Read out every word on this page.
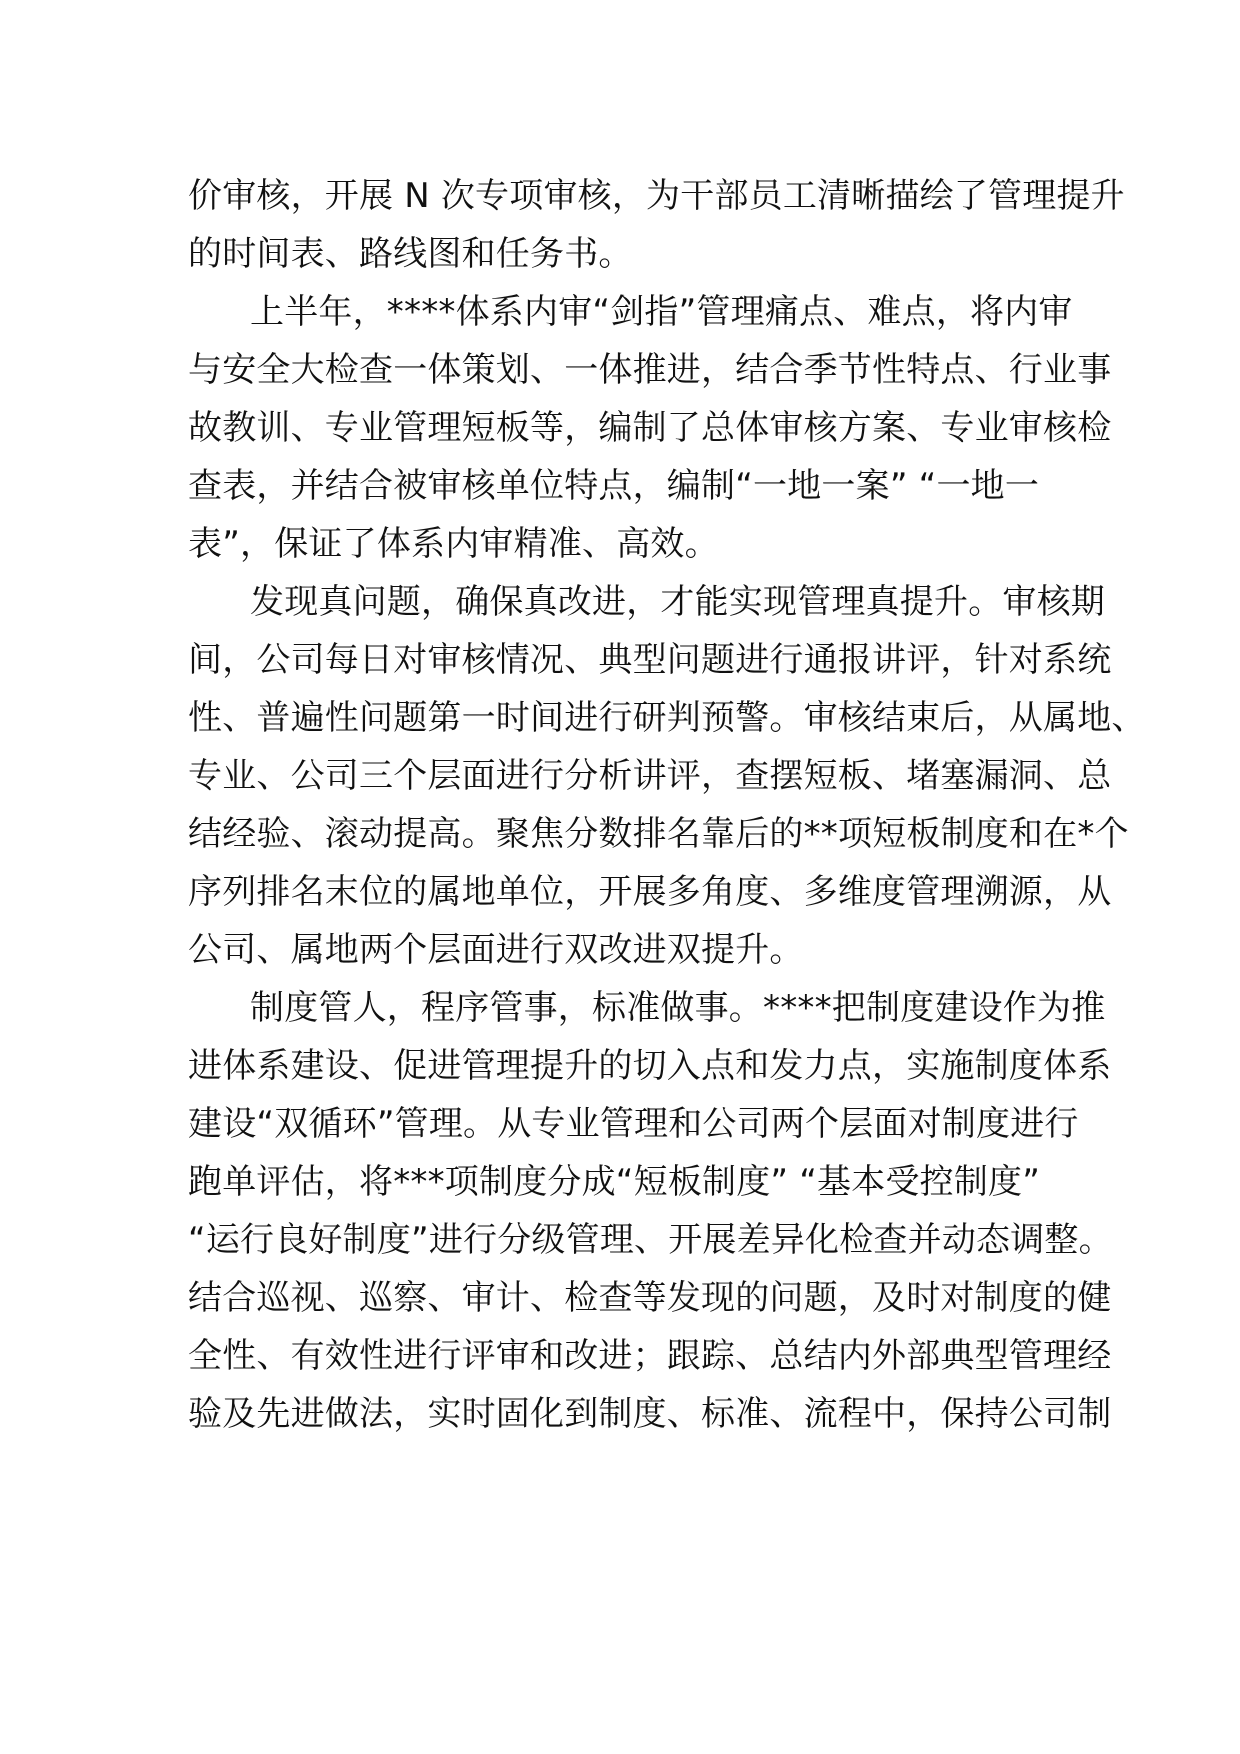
价审核，开展 N 次专项审核，为干部员工清晰描绘了管理提升
的时间表、路线图和任务书。
上半年，****体系内审“剑指”管理痛点、难点，将内审
与安全大检查一体策划、一体推进，结合季节性特点、行业事
故教训、专业管理短板等，编制了总体审核方案、专业审核检
查表，并结合被审核单位特点，编制“一地一案” “一地一
表”，保证了体系内审精准、高效。
发现真问题，确保真改进，才能实现管理真提升。审核期
间，公司每日对审核情况、典型问题进行通报讲评，针对系统
性、普遍性问题第一时间进行研判预警。审核结束后，从属地、
专业、公司三个层面进行分析讲评，查摆短板、堵塞漏洞、总
结经验、滚动提高。聚焦分数排名靠后的**项短板制度和在*个
序列排名末位的属地单位，开展多角度、多维度管理溯源，从
公司、属地两个层面进行双改进双提升。
制度管人，程序管事，标准做事。****把制度建设作为推
进体系建设、促进管理提升的切入点和发力点，实施制度体系
建设“双循环”管理。从专业管理和公司两个层面对制度进行
跑单评估，将***项制度分成“短板制度” “基本受控制度”
“运行良好制度”进行分级管理、开展差异化检查并动态调整。
结合巡视、巡察、审计、检查等发现的问题，及时对制度的健
全性、有效性进行评审和改进；跟踪、总结内外部典型管理经
验及先进做法，实时固化到制度、标准、流程中，保持公司制
